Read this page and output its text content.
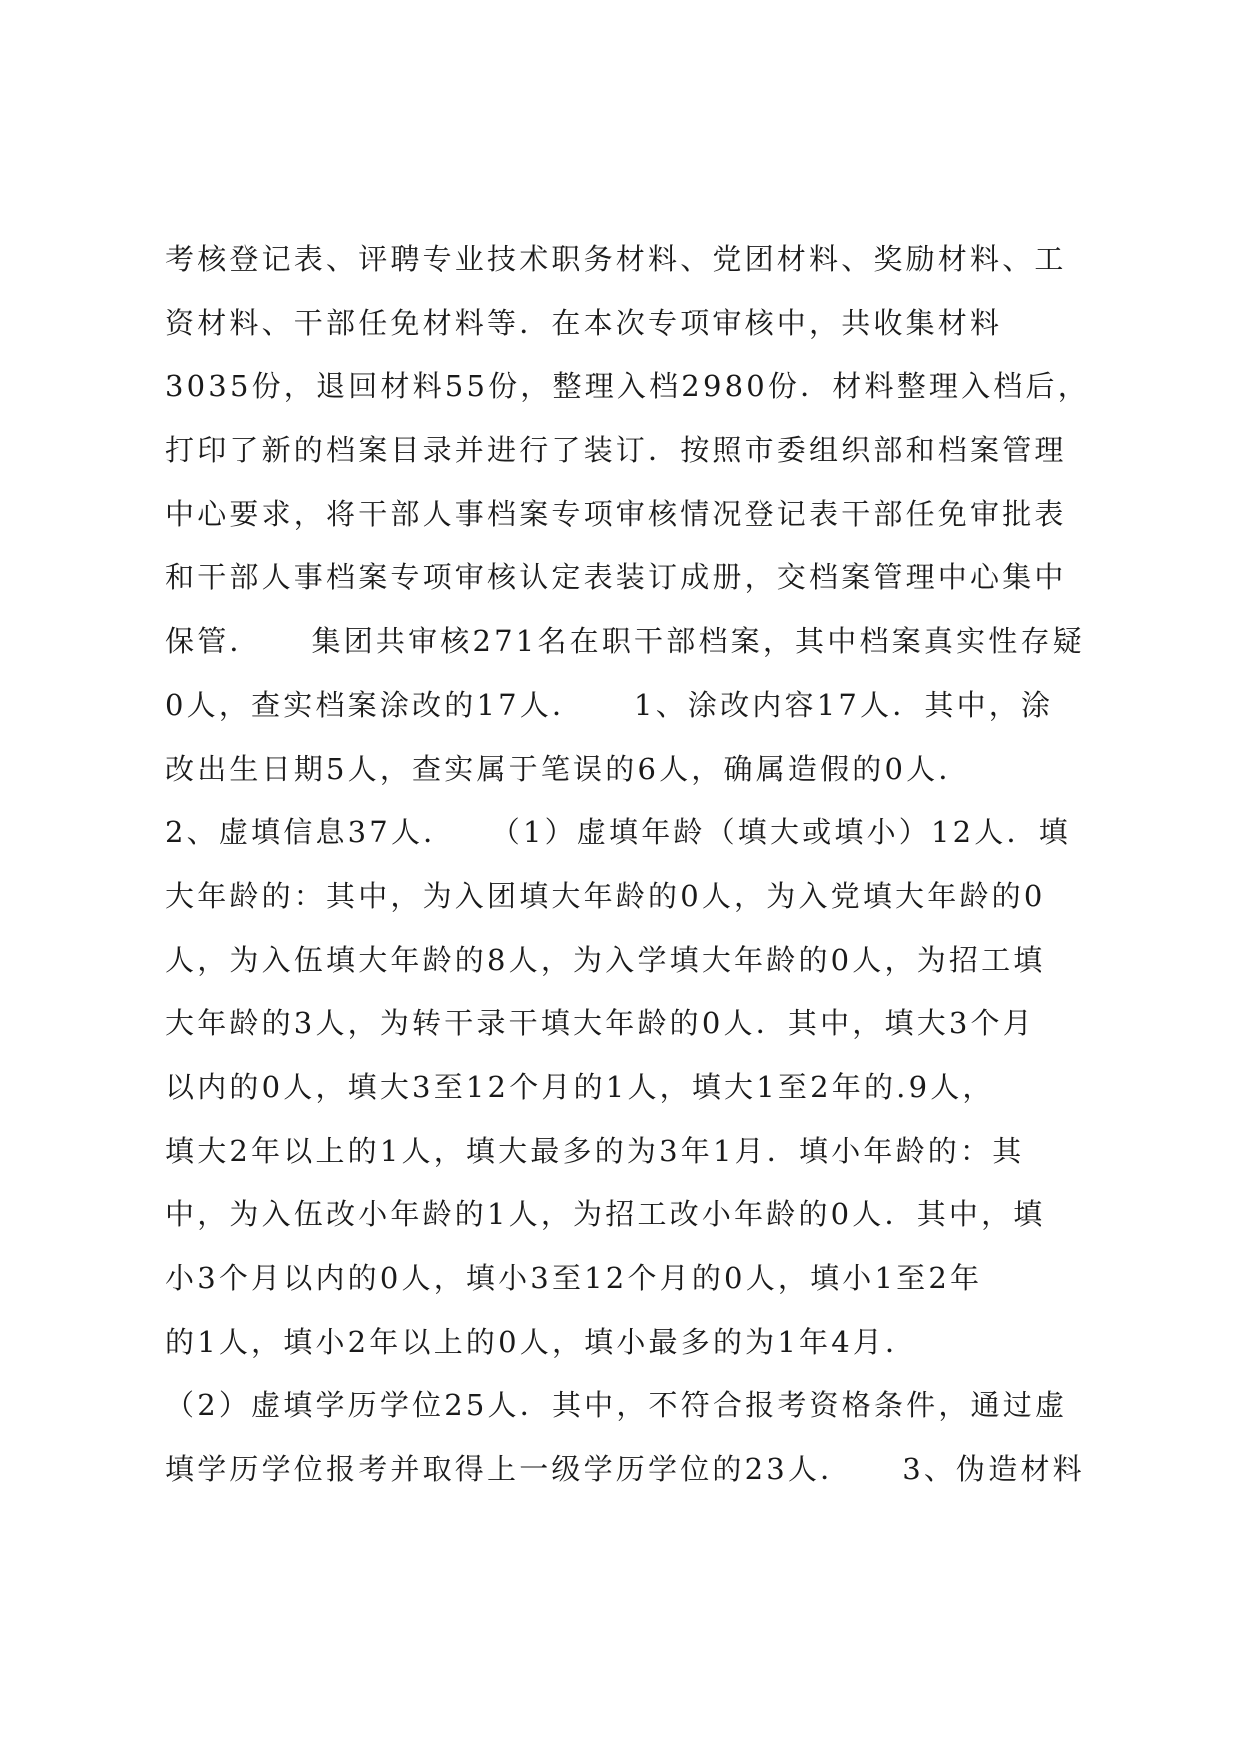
考核登记表、评聘专业技术职务材料、党团材料、奖励材料、工
资材料、干部任免材料等．在本次专项审核中，共收集材料
3035份，退回材料55份，整理入档2980份．材料整理入档后，
打印了新的档案目录并进行了装订．按照市委组织部和档案管理
中心要求，将干部人事档案专项审核情况登记表干部任免审批表
和干部人事档案专项审核认定表装订成册，交档案管理中心集中
保管．　　集团共审核271名在职干部档案，其中档案真实性存疑
0人，查实档案涂改的17人．　　1、涂改内容17人．其中，涂
改出生日期5人，查实属于笔误的6人，确属造假的0人．
2、虚填信息37人．　　（1）虚填年龄（填大或填小）12人．填
大年龄的：其中，为入团填大年龄的0人，为入党填大年龄的0
人，为入伍填大年龄的8人，为入学填大年龄的0人，为招工填
大年龄的3人，为转干录干填大年龄的0人．其中，填大3个月
以内的0人，填大3至12个月的1人，填大1至2年的.9人，
填大2年以上的1人，填大最多的为3年1月．填小年龄的：其
中，为入伍改小年龄的1人，为招工改小年龄的0人．其中，填
小3个月以内的0人，填小3至12个月的0人，填小1至2年
的1人，填小2年以上的0人，填小最多的为1年4月．
（2）虚填学历学位25人．其中，不符合报考资格条件，通过虚
填学历学位报考并取得上一级学历学位的23人．　　3、伪造材料
